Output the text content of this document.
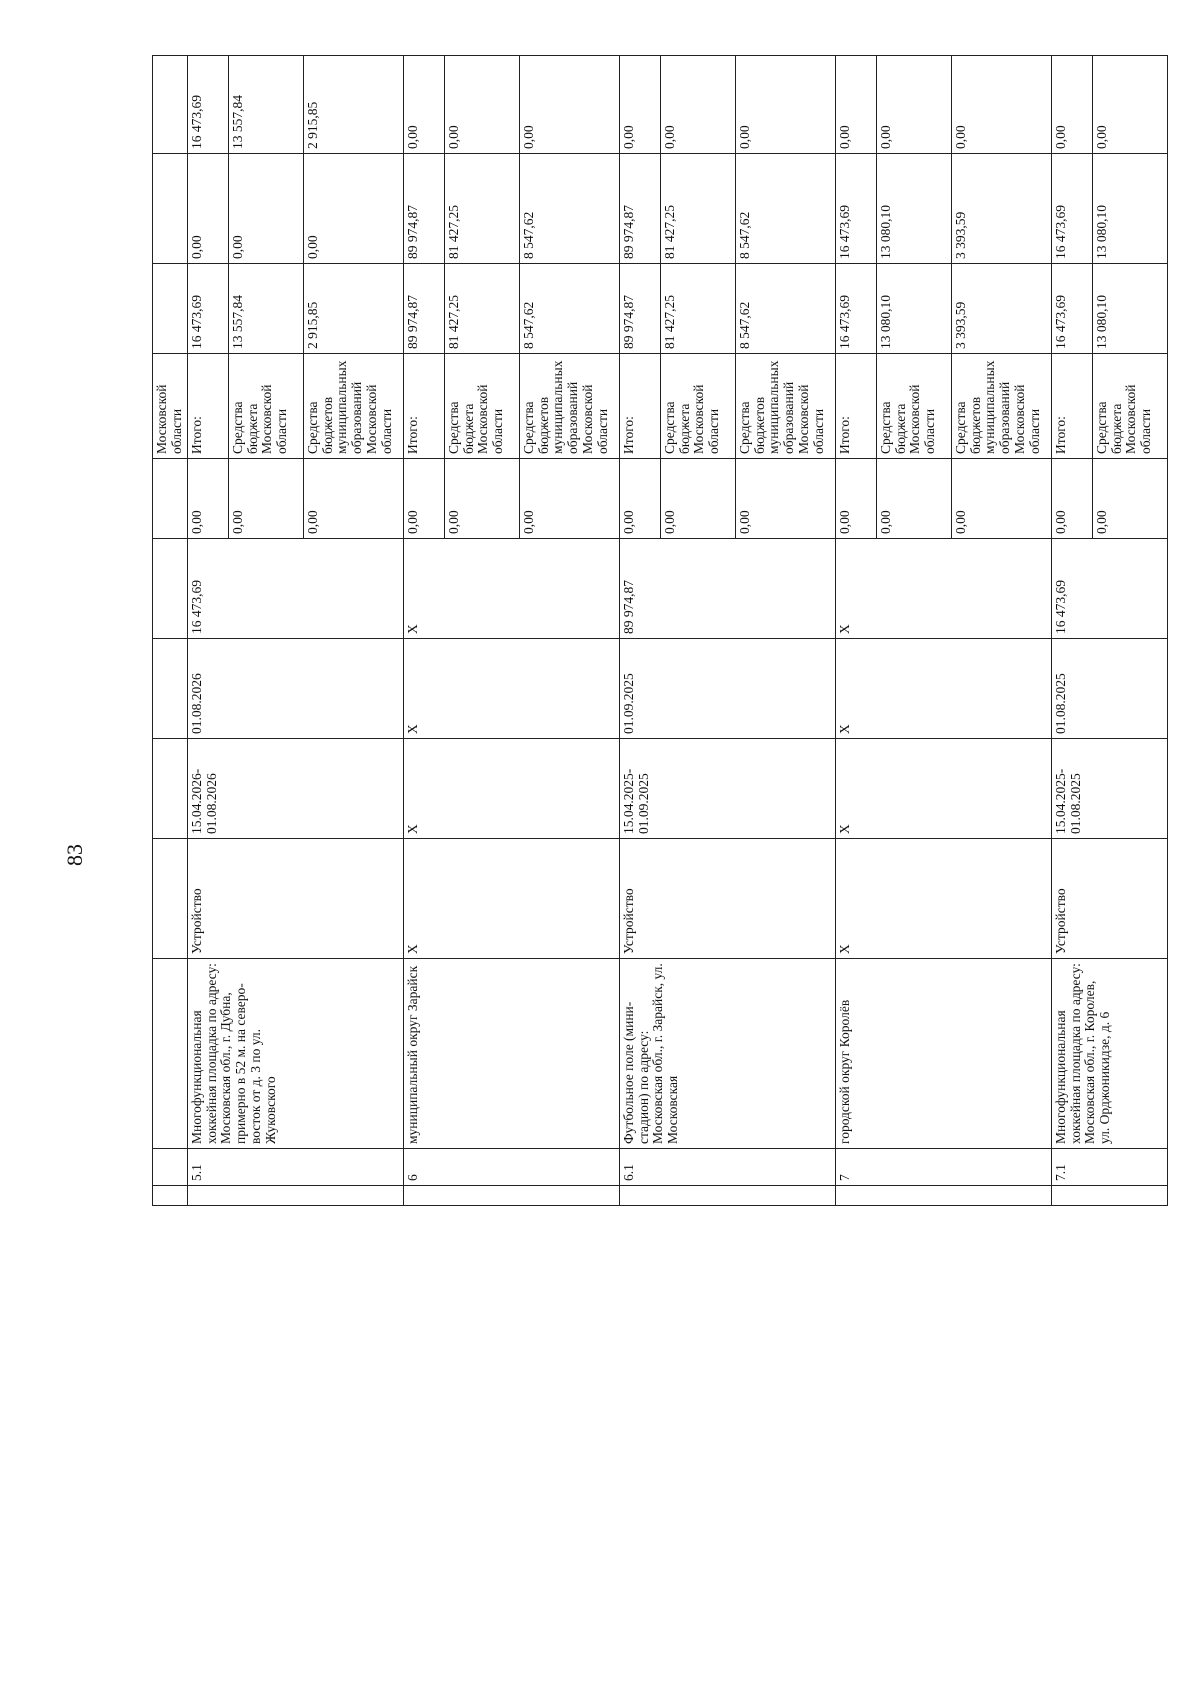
83
								Московской области			
	5.1	Многофункциональная хоккейная площадка по адресу: Московская обл., г. Дубна, примерно в 52 м. на северо-восток от д. 3 по ул. Жуковского	Устройство	15.04.2026-01.08.2026	01.08.2026	16 473,69	0,00	Итого:	16 473,69	0,00	16 473,69
							0,00	Средства бюджета Московской области	13 557,84	0,00	13 557,84
							0,00	Средства бюджетов муниципальных образований Московской области	2 915,85	0,00	2 915,85
	6	муниципальный округ Зарайск	X	X	X	X	0,00	Итого:	89 974,87	89 974,87	0,00
							0,00	Средства бюджета Московской области	81 427,25	81 427,25	0,00
							0,00	Средства бюджетов муниципальных образований Московской области	8 547,62	8 547,62	0,00
	6.1	Футбольное поле (мини-стадион) по адресу: Московская обл., г. Зарайск, ул. Московская	Устройство	15.04.2025-01.09.2025	01.09.2025	89 974,87	0,00	Итого:	89 974,87	89 974,87	0,00
							0,00	Средства бюджета Московской области	81 427,25	81 427,25	0,00
							0,00	Средства бюджетов муниципальных образований Московской области	8 547,62	8 547,62	0,00
	7	городской округ Королёв	X	X	X	X	0,00	Итого:	16 473,69	16 473,69	0,00
							0,00	Средства бюджета Московской области	13 080,10	13 080,10	0,00
							0,00	Средства бюджетов муниципальных образований Московской области	3 393,59	3 393,59	0,00
	7.1	Многофункциональная хоккейная площадка по адресу: Московская обл., г. Королев, ул. Орджоникидзе, д. 6	Устройство	15.04.2025-01.08.2025	01.08.2025	16 473,69	0,00	Итого:	16 473,69	16 473,69	0,00
							0,00	Средства бюджета Московской области	13 080,10	13 080,10	0,00
